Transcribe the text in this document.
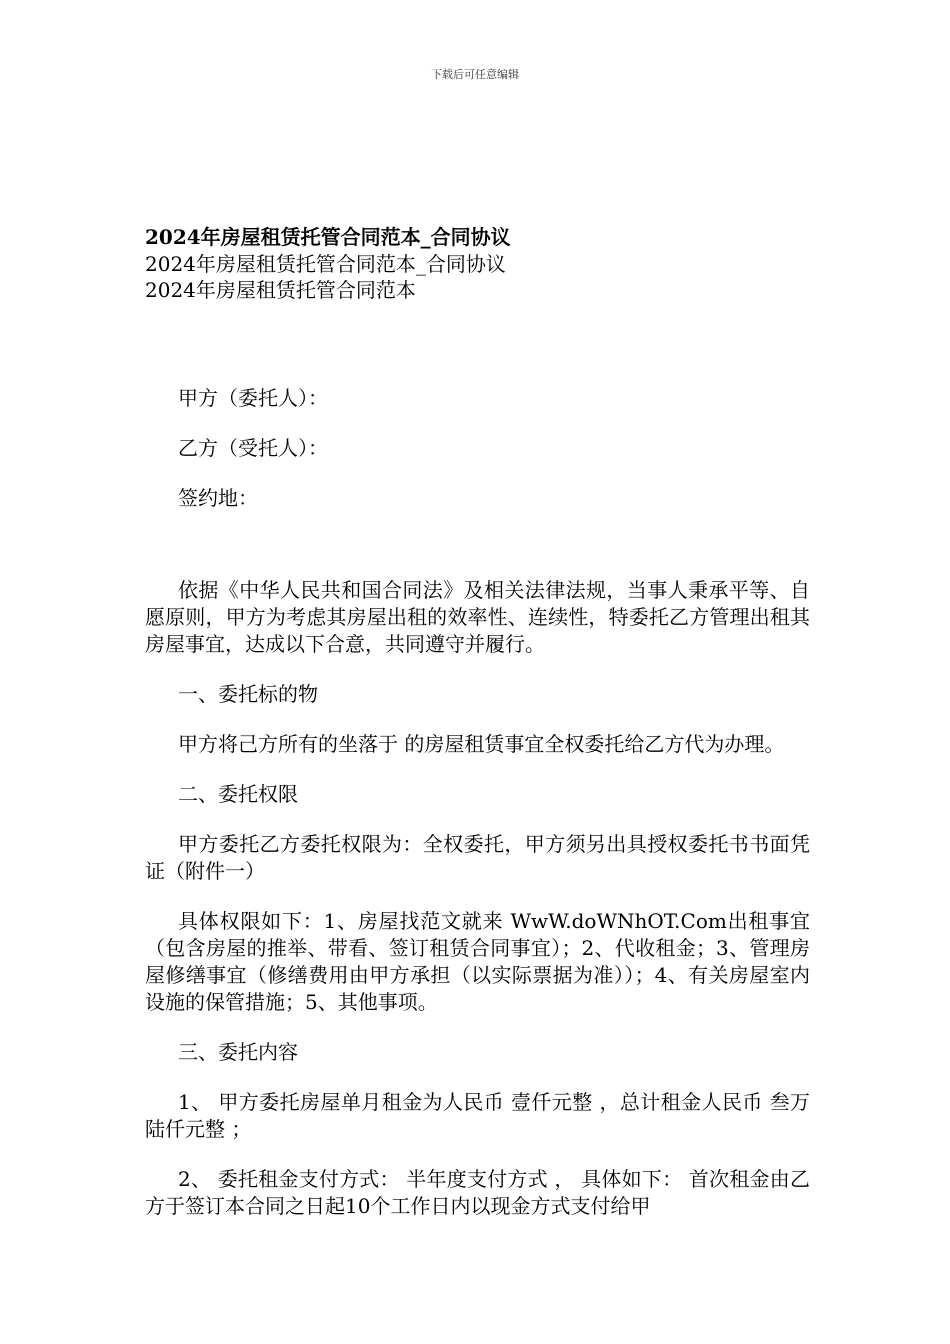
下载后可任意编辑

2024年房屋租赁托管合同范本_合同协议

2024年房屋租赁托管合同范本_合同协议

2024年房屋租赁托管合同范本

甲方（委托人）：

乙方（受托人）：

签约地：

依据《中华人民共和国合同法》及相关法律法规，当事人秉承平等、自愿原则，甲方为考虑其房屋出租的效率性、连续性，特委托乙方管理出租其房屋事宜，达成以下合意，共同遵守并履行。

一、委托标的物

甲方将己方所有的坐落于 的房屋租赁事宜全权委托给乙方代为办理。

二、委托权限

甲方委托乙方委托权限为：全权委托，甲方须另出具授权委托书书面凭证（附件一）

具体权限如下：1、房屋找范文就来 WwW.doWNhOT.Com出租事宜（包含房屋的推举、带看、签订租赁合同事宜）；2、代收租金；3、管理房屋修缮事宜（修缮费用由甲方承担（以实际票据为准））；4、有关房屋室内设施的保管措施；5、其他事项。

三、委托内容

1、 甲方委托房屋单月租金为人民币 壹仟元整 ，总计租金人民币 叁万陆仟元整 ；

2、 委托租金支付方式： 半年度支付方式 ， 具体如下： 首次租金由乙方于签订本合同之日起10个工作日内以现金方式支付给甲
